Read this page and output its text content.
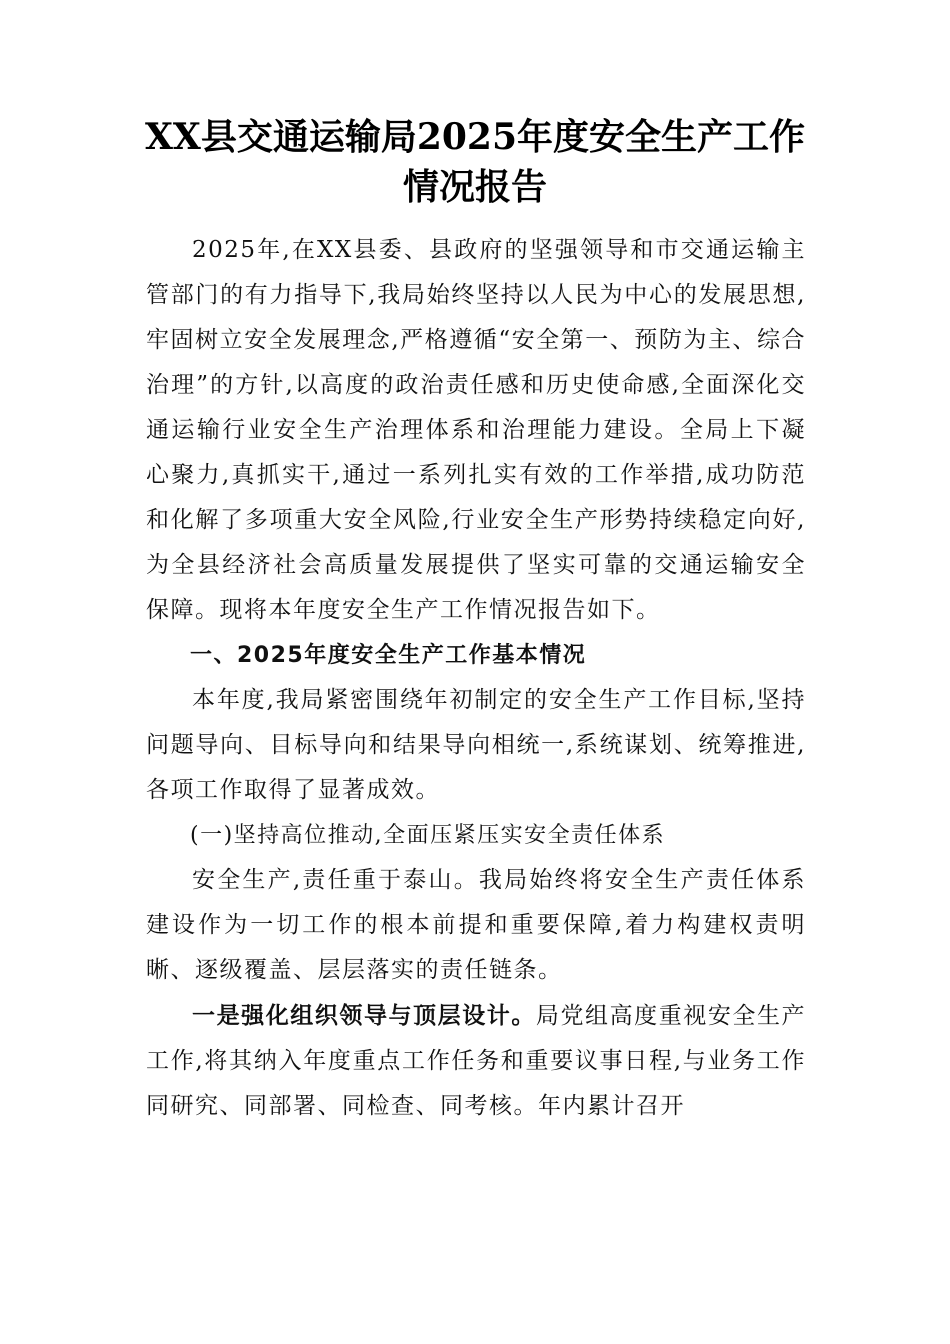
XX县交通运输局2025年度安全生产工作
情况报告

2025年,在XX县委、县政府的坚强领导和市交通运输主管部门的有力指导下,我局始终坚持以人民为中心的发展思想,牢固树立安全发展理念,严格遵循“安全第一、预防为主、综合治理”的方针,以高度的政治责任感和历史使命感,全面深化交通运输行业安全生产治理体系和治理能力建设。全局上下凝心聚力,真抓实干,通过一系列扎实有效的工作举措,成功防范和化解了多项重大安全风险,行业安全生产形势持续稳定向好,为全县经济社会高质量发展提供了坚实可靠的交通运输安全保障。现将本年度安全生产工作情况报告如下。

一、2025年度安全生产工作基本情况

本年度,我局紧密围绕年初制定的安全生产工作目标,坚持问题导向、目标导向和结果导向相统一,系统谋划、统筹推进,各项工作取得了显著成效。

(一)坚持高位推动,全面压紧压实安全责任体系

安全生产,责任重于泰山。我局始终将安全生产责任体系建设作为一切工作的根本前提和重要保障,着力构建权责明晰、逐级覆盖、层层落实的责任链条。

一是强化组织领导与顶层设计。局党组高度重视安全生产工作,将其纳入年度重点工作任务和重要议事日程,与业务工作同研究、同部署、同检查、同考核。年内累计召开
